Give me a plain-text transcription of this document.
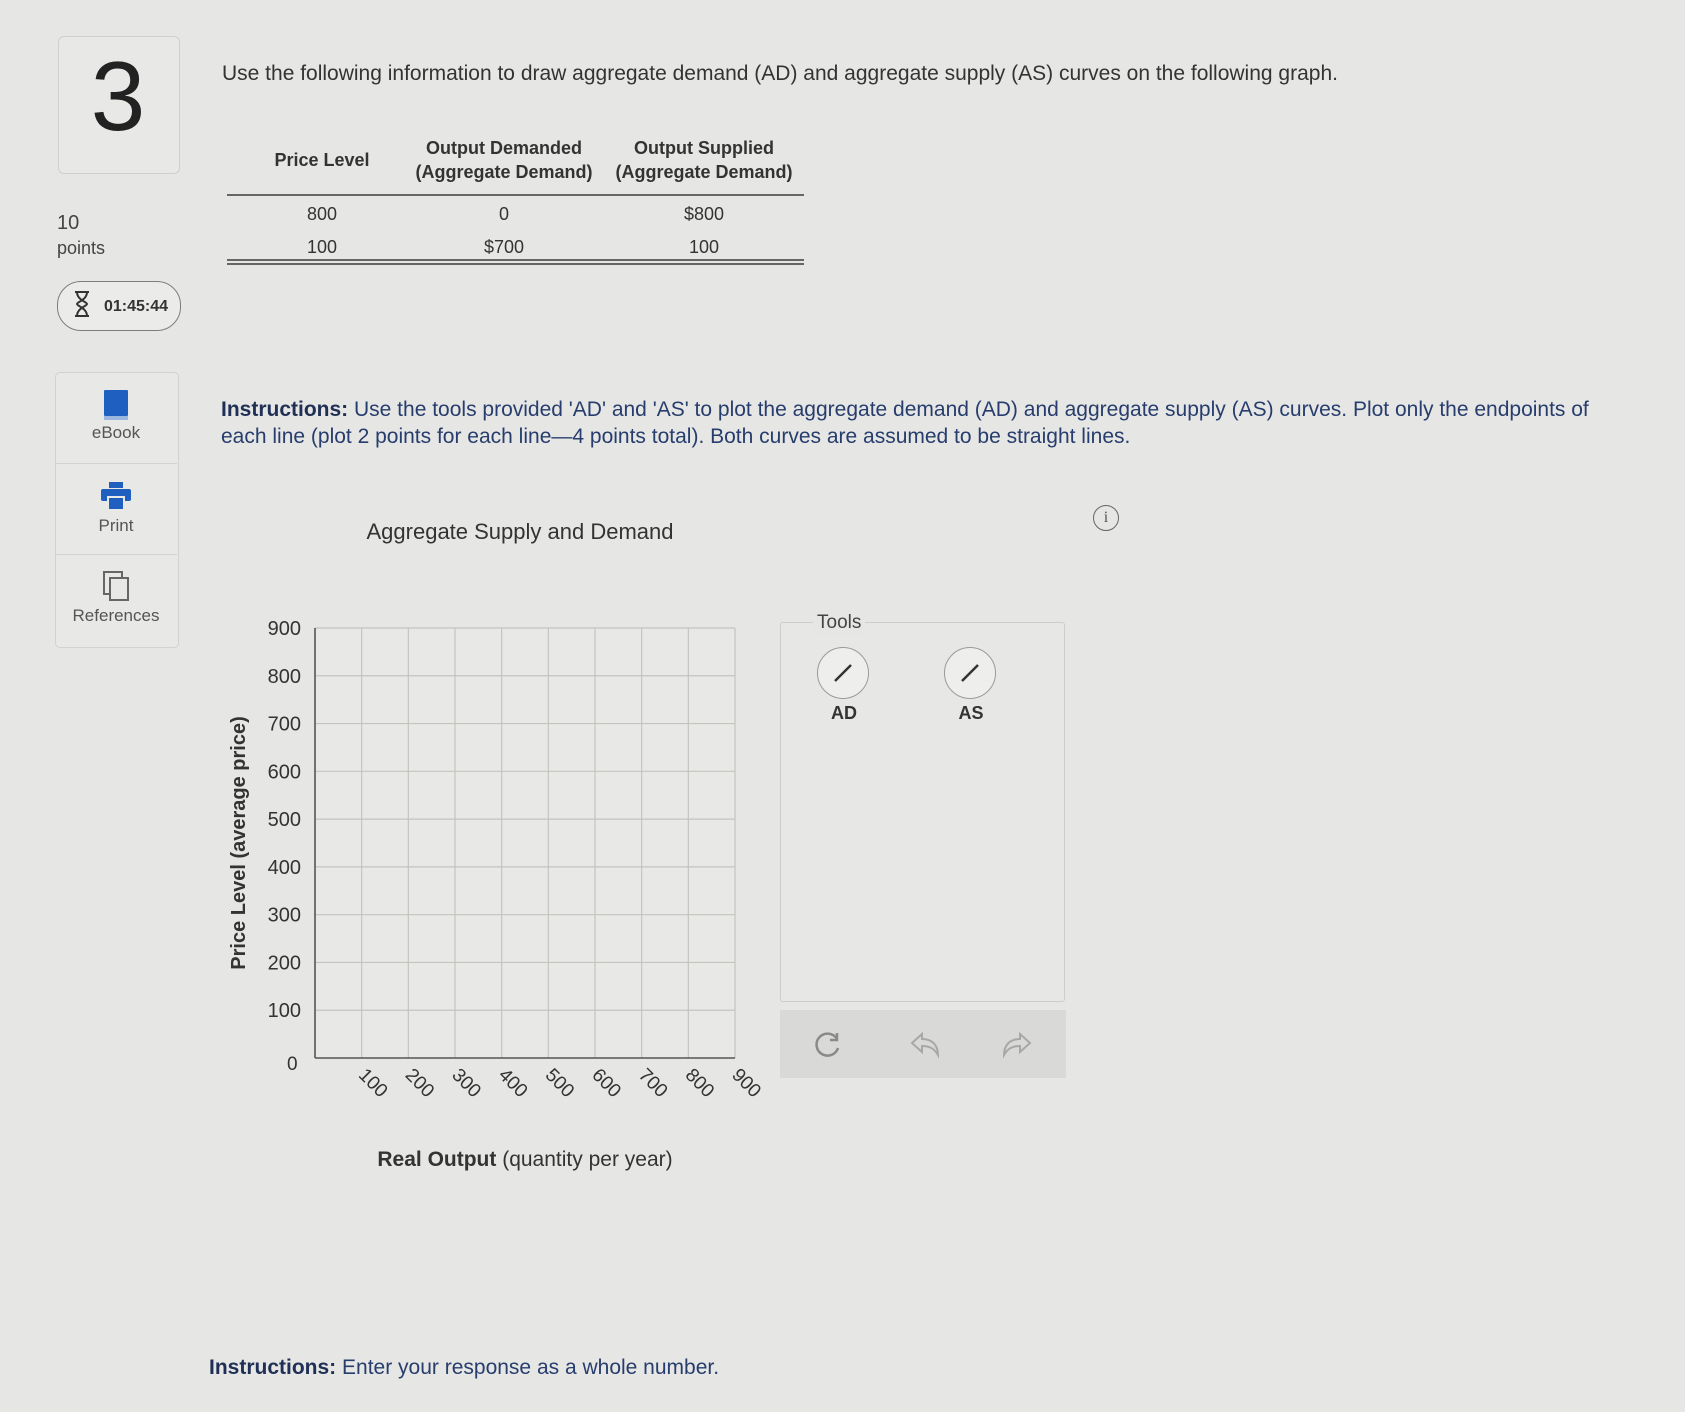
3
10
points
01:45:44
eBook
Print
References
Use the following information to draw aggregate demand (AD) and aggregate supply (AS) curves on the following graph.
Price Level
Output Demanded
(Aggregate Demand)
Output Supplied
(Aggregate Demand)
800	0	$800
100	$700	100
Instructions: Use the tools provided 'AD' and 'AS' to plot the aggregate demand (AD) and aggregate supply (AS) curves. Plot only the endpoints of each line (plot 2 points for each line—4 points total). Both curves are assumed to be straight lines.
i
Aggregate Supply and Demand
100
200
300
400
500
600
700
800
900
100 200 300 400 500 600 700 800 900
0
Price Level (average price)
Real Output (quantity per year)
Tools
AD	AS
Instructions: Enter your response as a whole number.
